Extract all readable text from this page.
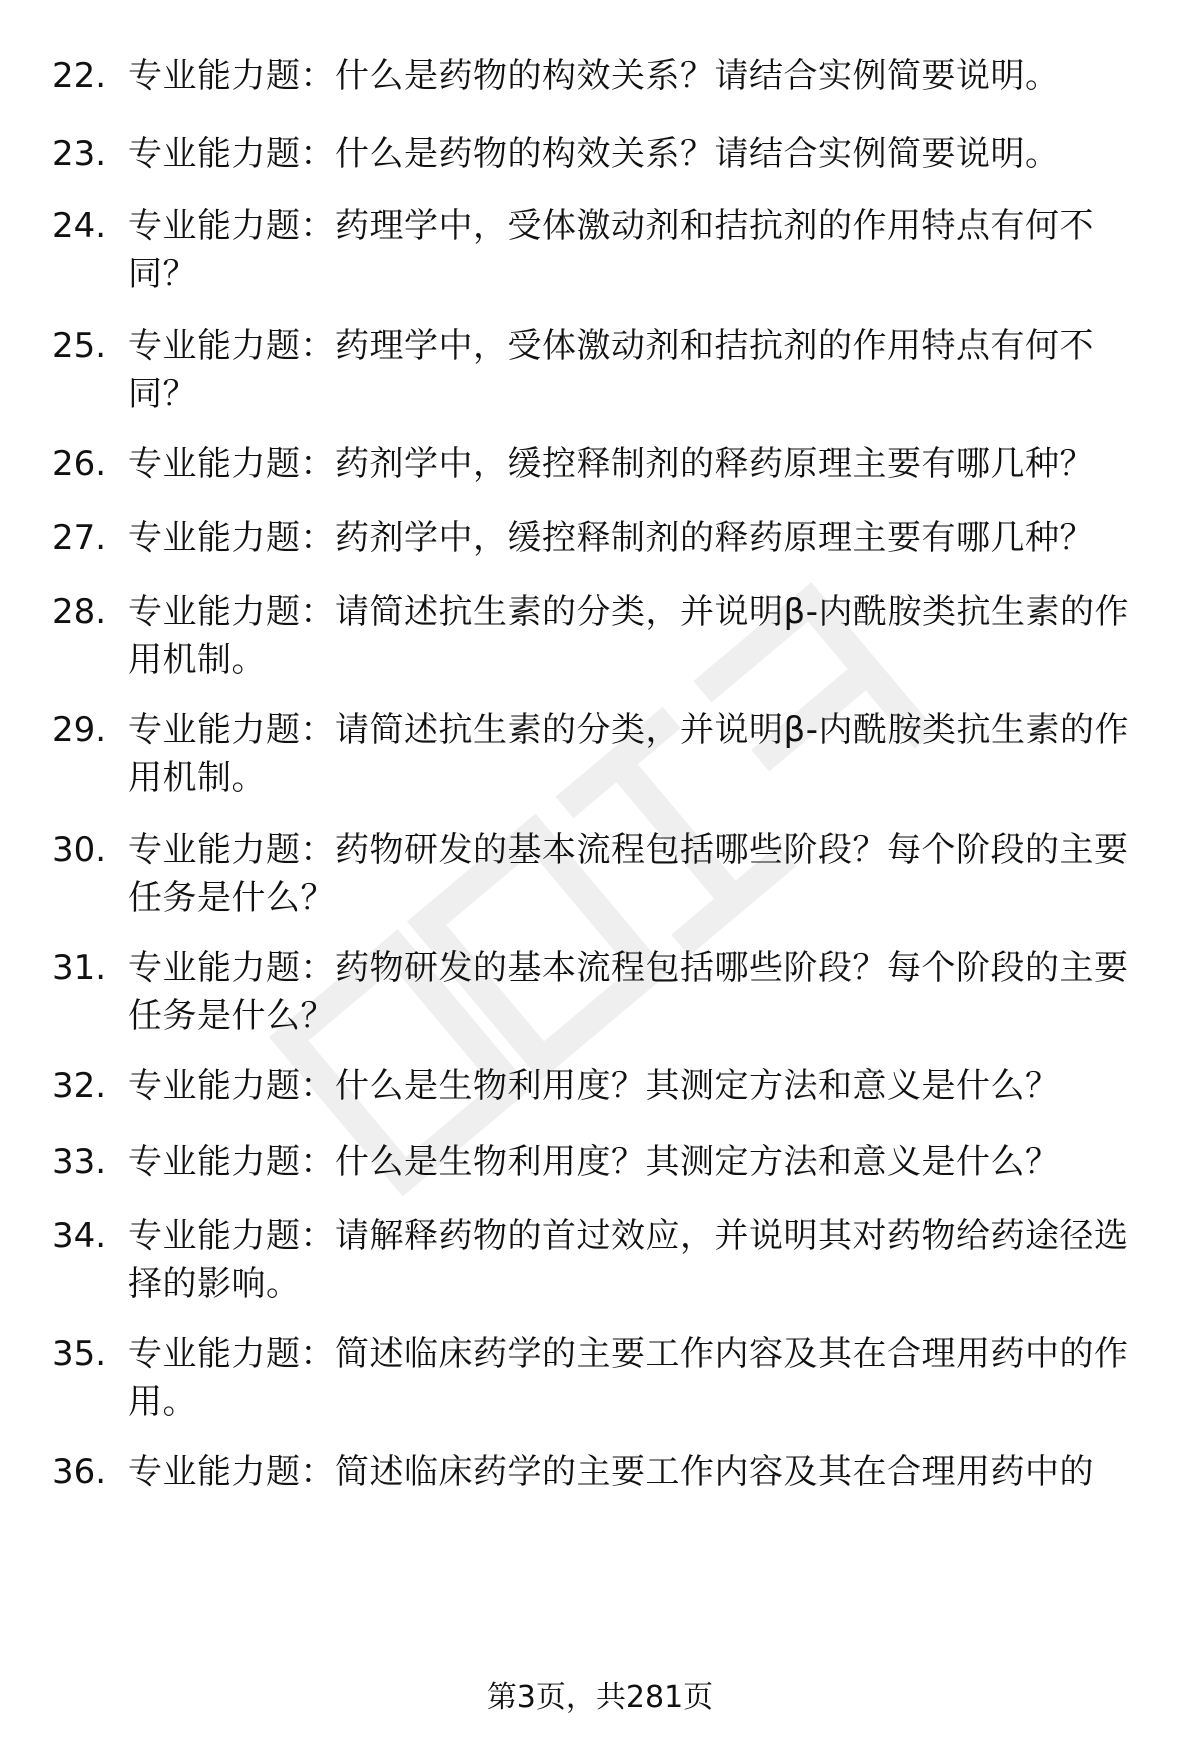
22. 专业能力题：什么是药物的构效关系？请结合实例简要说明。
23. 专业能力题：什么是药物的构效关系？请结合实例简要说明。
24. 专业能力题：药理学中，受体激动剂和拮抗剂的作用特点有何不同？
25. 专业能力题：药理学中，受体激动剂和拮抗剂的作用特点有何不同？
26. 专业能力题：药剂学中，缓控释制剂的释药原理主要有哪几种？
27. 专业能力题：药剂学中，缓控释制剂的释药原理主要有哪几种？
28. 专业能力题：请简述抗生素的分类，并说明β-内酰胺类抗生素的作用机制。
29. 专业能力题：请简述抗生素的分类，并说明β-内酰胺类抗生素的作用机制。
30. 专业能力题：药物研发的基本流程包括哪些阶段？每个阶段的主要任务是什么？
31. 专业能力题：药物研发的基本流程包括哪些阶段？每个阶段的主要任务是什么？
32. 专业能力题：什么是生物利用度？其测定方法和意义是什么？
33. 专业能力题：什么是生物利用度？其测定方法和意义是什么？
34. 专业能力题：请解释药物的首过效应，并说明其对药物给药途径选择的影响。
35. 专业能力题：简述临床药学的主要工作内容及其在合理用药中的作用。
36. 专业能力题：简述临床药学的主要工作内容及其在合理用药中的
第3页，共281页
